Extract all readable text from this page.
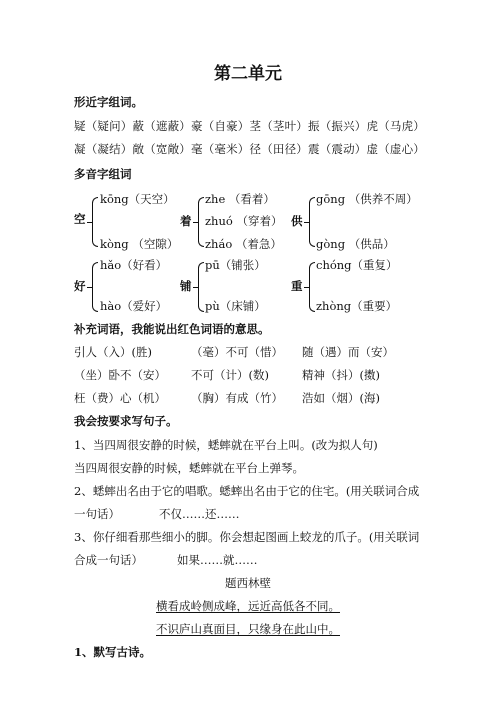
第二单元
形近字组词。
疑（疑问）蔽（遮蔽）豪（自豪）茎（茎叶）振（振兴）虎（马虎）
凝（凝结）敞（宽敞）毫（毫米）径（田径）震（震动）虚（虚心）
多音字组词
空
kōng（天空）
kòng （空隙）
着
zhe （看着）
zhuó （穿着）
zháo （着急）
供
gōng （供养不周）
gòng （供品）
好
hǎo（好看）
hào（爱好）
铺
pū（铺张）
pù（床铺）
重
chóng（重复）
zhòng（重要）
补充词语，我能说出红色词语的意思。
引人（入）(胜)	（毫）不可（惜） 随（遇）而（安）
（坐）卧不（安） 不可（计）(数)	精神（抖）(擞)
枉（费）心（机） （胸）有成（竹） 浩如（烟）(海)
我会按要求写句子。
1、当四周很安静的时候，蟋蟀就在平台上叫。(改为拟人句)
当四周很安静的时候，蟋蟀就在平台上弹琴。
2、蟋蟀出名由于它的唱歌。蟋蟀出名由于它的住宅。(用关联词合成
一句话）	不仅……还……
3、你仔细看那些细小的脚。你会想起图画上蛟龙的爪子。(用关联词
合成一句话）	如果……就……
题西林壁
横看成岭侧成峰，远近高低各不同。
不识庐山真面目，只缘身在此山中。
1、默写古诗。
